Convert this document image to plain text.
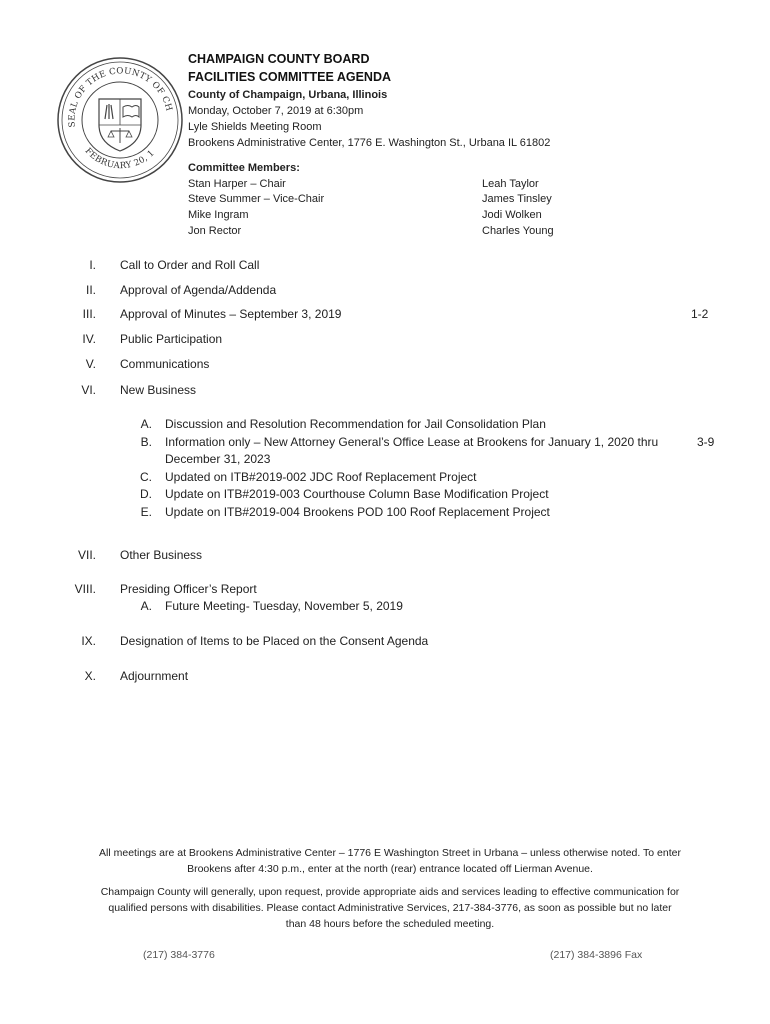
SEAL OF THE COUNTY OF CH
FEBRUARY 20, 1
CHAMPAIGN COUNTY BOARD
FACILITIES COMMITTEE AGENDA
County of Champaign, Urbana, Illinois
Monday, October 7, 2019 at 6:30pm
Lyle Shields Meeting Room
Brookens Administrative Center, 1776 E. Washington St., Urbana IL 61802
Committee Members:
Stan Harper – Chair
Steve Summer – Vice-Chair
Mike Ingram
Jon Rector
Leah Taylor
James Tinsley
Jodi Wolken
Charles Young
I. Call to Order and Roll Call
II. Approval of Agenda/Addenda
III. Approval of Minutes – September 3, 2019	1-2
IV. Public Participation
V. Communications
VI. New Business
A. Discussion and Resolution Recommendation for Jail Consolidation Plan
B. Information only – New Attorney General’s Office Lease at Brookens for January 1, 2020 thru	3-9
December 31, 2023
C. Updated on ITB#2019-002 JDC Roof Replacement Project
D. Update on ITB#2019-003 Courthouse Column Base Modification Project
E. Update on ITB#2019-004 Brookens POD 100 Roof Replacement Project
VII. Other Business
VIII. Presiding Officer’s Report
A. Future Meeting- Tuesday, November 5, 2019
IX. Designation of Items to be Placed on the Consent Agenda
X. Adjournment
All meetings are at Brookens Administrative Center – 1776 E Washington Street in Urbana – unless otherwise noted. To enter
Brookens after 4:30 p.m., enter at the north (rear) entrance located off Lierman Avenue.
Champaign County will generally, upon request, provide appropriate aids and services leading to effective communication for
qualified persons with disabilities. Please contact Administrative Services, 217-384-3776, as soon as possible but no later
than 48 hours before the scheduled meeting.
(217) 384-3776	(217) 384-3896 Fax
